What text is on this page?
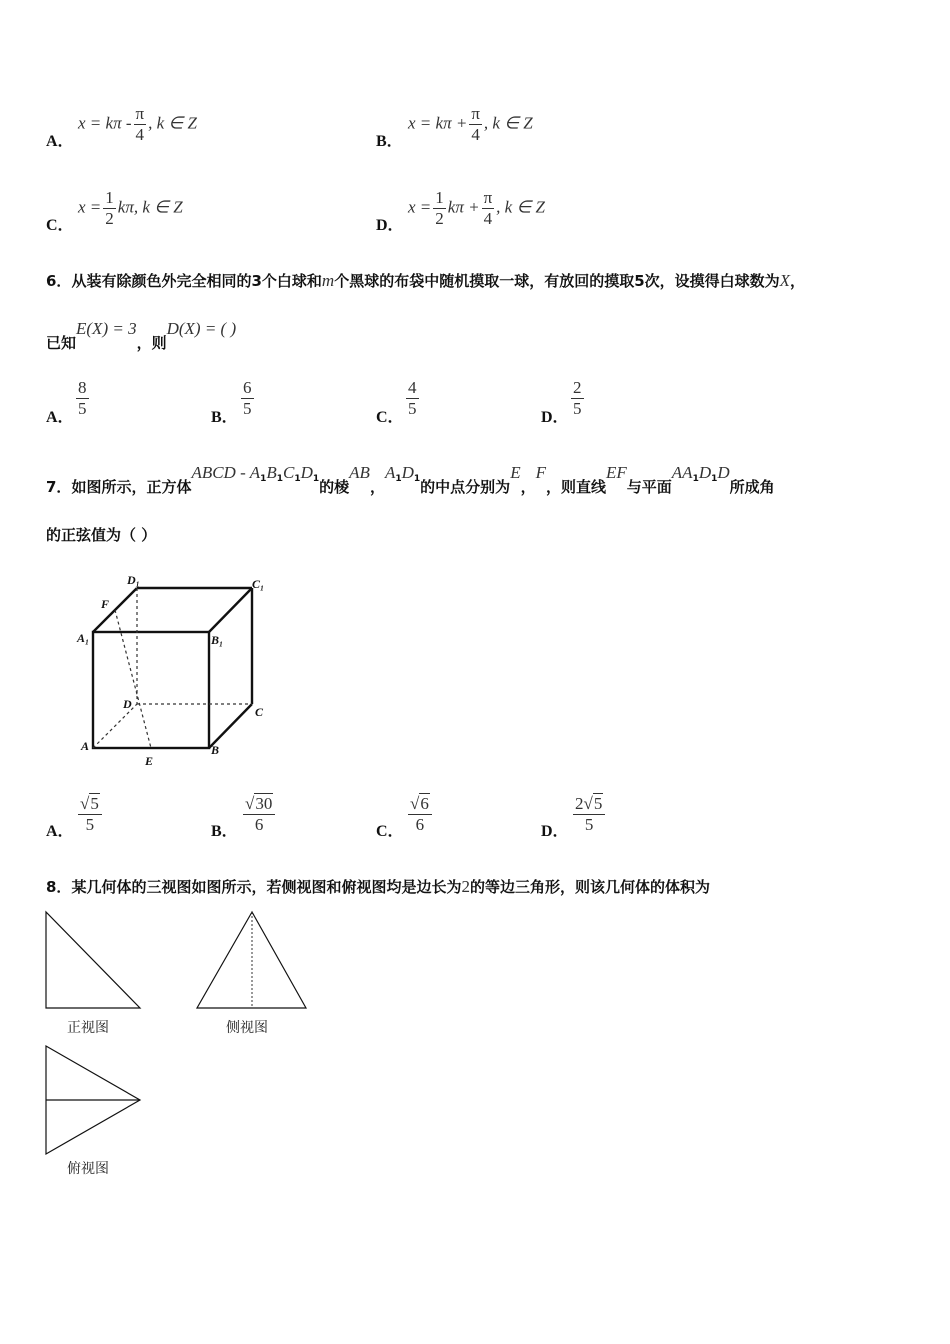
A．
$x = k\pi - \frac{\pi}{4}$ , k ∈ Z
B．
$x = k\pi + \frac{\pi}{4}$ , k ∈ Z
C．
$x = \frac{1}{2} k\pi$, k ∈ Z
D．
$x = \frac{1}{2}$ $k\pi + \frac{\pi}{4}$ , k ∈ Z
6．从装有除颜色外完全相同的3个白球和m个黑球的布袋中随机摸取一球，有放回的摸取5次，设摸得白球数为X，
已知E(X) = 3，则D(X) = ( )
A． $\frac{8}{5}$	B． $\frac{6}{5}$	C． $\frac{4}{5}$	D． $\frac{2}{5}$
7．如图所示，正方体ABCD - $A_1B_1C_1D_1$的棱AB，$A_1D_1$的中点分别为E，F，则直线EF与平面$AA_1D_1D$所成角
的正弦值为（ ）
D₁	C₁
F
A₁	B₁
D
C
A	B
E
A． $\frac{√5}{5}$	B． $\frac{√30}{6}$	C． $\frac{√6}{6}$	D． $\frac{2√5}{5}$
8．某几何体的三视图如图所示，若侧视图和俯视图均是边长为2的等边三角形，则该几何体的体积为
正视图	侧视图
俯视图
